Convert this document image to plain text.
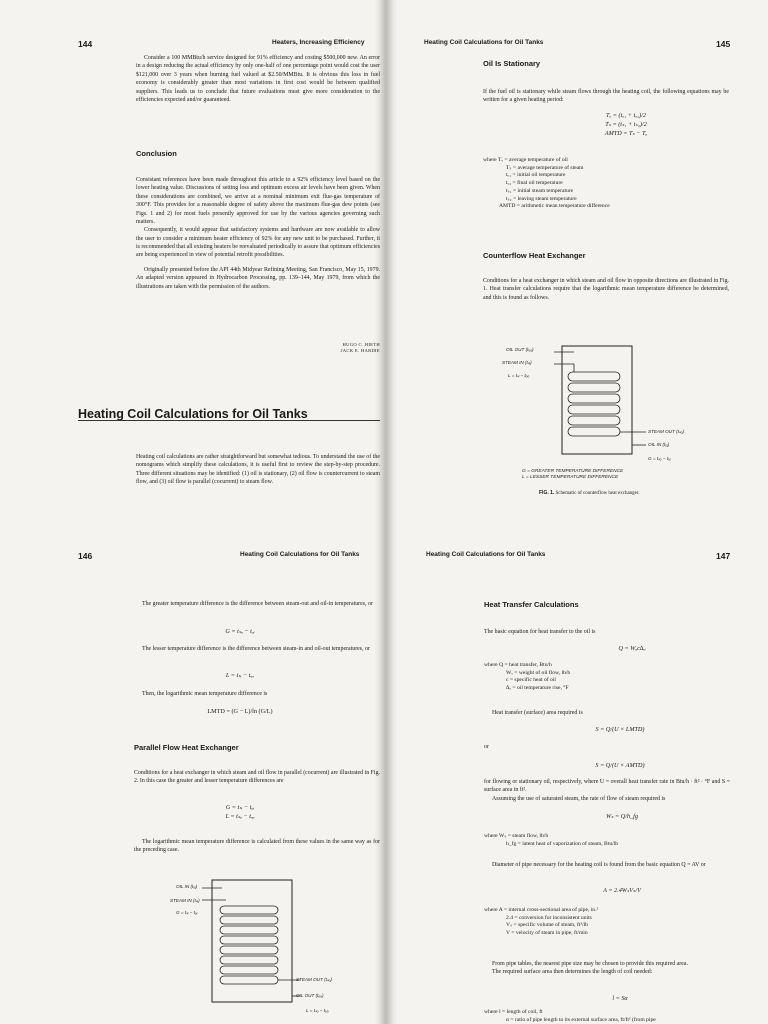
144	Heaters, Increasing Efficiency

Consider a 100 MMBtu/h service designed for 91% efficiency and costing $500,000 new. An error in a design reducing the actual efficiency by only one-half of one percentage point would cost the user $121,000 over 3 years when burning fuel valued at $2.50/MMBtu. It is obvious this loss in fuel economy is considerably greater than most variations in first cost would be between qualified suppliers. This leads us to conclude that future evaluations must give more consideration to the efficiencies expected and/or guaranteed.

Conclusion

Consistant references have been made throughout this article to a 92% efficiency level based on the lower heating value. Discussions of setting loss and optimum excess air levels have been given. When these considerations are combined, we arrive at a nominal minimum exit flue-gas temperature of 300°F. This provides for a reasonable degree of safety above the maximum flue-gas dew points (see Figs. 1 and 2) for most fuels presently approved for use by the various agencies governing such matters.

Consequently, it would appear that satisfactory systems and hardware are now available to allow the user to consider a minimum heater efficiency of 92% for any new unit to be purchased. Further, it is recommended that all existing heaters be reevaluated periodically to assure that optimum efficiencies are being experienced in view of potential retrofit possibilities.

Originally presented before the API 44th Midyear Refining Meeting, San Francisco, May 15, 1979. An adapted version appeared in Hydrocarbon Processing, pp. 139–144, May 1979, from which the illustrations are taken with the permission of the authors.

HUGO C. HIETH
JACK E. HARDIE
Heating Coil Calculations for Oil Tanks

Heating coil calculations are rather straightforward but somewhat tedious. To understand the use of the nomograms which simplify these calculations, it is useful first to review the step-by-step procedure. Three different situations may be identified: (1) oil is stationary, (2) oil flow is countercurrent to steam flow, and (3) oil flow is parallel (cocurrent) to steam flow.

Heating Coil Calculations for Oil Tanks	145
Oil Is Stationary

If the fuel oil is stationary while steam flows through the heating coil, the following equations may be written for a given heating period:

Tₒ = (tₒ₁ + tₒ₂)/2
Tₛ = (tₛ₁ + tₛ₂)/2
AMTD = Tₛ − Tₒ
where Tₒ = average temperature of oil
Tₛ = average temperature of steam
tₒ₁ = initial oil temperature
tₒ₂ = final oil temperature
tₛ₁ = initial steam temperature
tₛ₂ = leaving steam temperature
AMTD = arithmetic mean temperature difference
Counterflow Heat Exchanger

Conditions for a heat exchanger in which steam and oil flow in opposite directions are illustrated in Fig. 1. Heat transfer calculations require that the logarithmic mean temperature difference be determined, and this is found as follows.

OIL OUT (tₒₒ)
STEAM IN (tₛᵢ)
L = tₛᵢ − tₒₒ
STEAM OUT (tₛₒ)
OIL IN (tₒᵢ)
G = tₛₒ − tₒᵢ
G = GREATER TEMPERATURE DIFFERENCE
L = LESSER TEMPERATURE DIFFERENCE
FIG. 1. Schematic of counterflow heat exchanger.
146	Heating Coil Calculations for Oil Tanks

The greater temperature difference is the difference between steam-out and oil-in temperatures, or

G = tₛₒ − tₒᵢ

The lesser temperature difference is the difference between steam-in and oil-out temperatures, or

L = tₛᵢ − tₒₒ

Then, the logarithmic mean temperature difference is

LMTD = (G − L)/ln (G/L)
Parallel Flow Heat Exchanger

Conditions for a heat exchanger in which steam and oil flow in parallel (cocurrent) are illustrated in Fig. 2. In this case the greater and lesser temperature differences are

G = tₛᵢ − tₒᵢ
L = tₛₒ − tₒₒ

The logarithmic mean temperature difference is calculated from these values in the same way as for the preceding case.

OIL IN (tₒᵢ)
STEAM IN (tₛᵢ)
G = tₛᵢ − tₒᵢ
STEAM OUT (tₛₒ)
OIL OUT (tₒₒ)
L = tₛₒ − tₒₒ
Heating Coil Calculations for Oil Tanks	147
Heat Transfer Calculations

The basic equation for heat transfer to the oil is

Q = Wₒc∆ₒ
where Q = heat transfer, Btu/h
Wₒ = weight of oil flow, lb/h
c = specific heat of oil
∆ₒ = oil temperature rise, °F

Heat transfer (surface) area required is

S = Q/(U × LMTD)
or
S = Q/(U × AMTD)

for flowing or stationary oil, respectively, where U = overall heat transfer rate in Btu/h · ft² · °F and S = surface area in ft².

Assuming the use of saturated steam, the rate of flow of steam required is

Wₛ = Q/h_fg
where Wₛ = steam flow, lb/h
h_fg = latent heat of vaporization of steam, Btu/lb

Diameter of pipe necessary for the heating coil is found from the basic equation Q = AV or

A = 2.4WₛVₛ/V
where A = internal cross-sectional area of pipe, in.²
2.4 = conversion for inconsistent units
Vₛ = specific volume of steam, ft³/lb
V = velocity of steam in pipe, ft/min

From pipe tables, the nearest pipe size may be chosen to provide this required area.

The required surface area then determines the length of coil needed:

l = Sα
where l = length of coil, ft
α = ratio of pipe length to its external surface area, ft/ft² (from pipe
